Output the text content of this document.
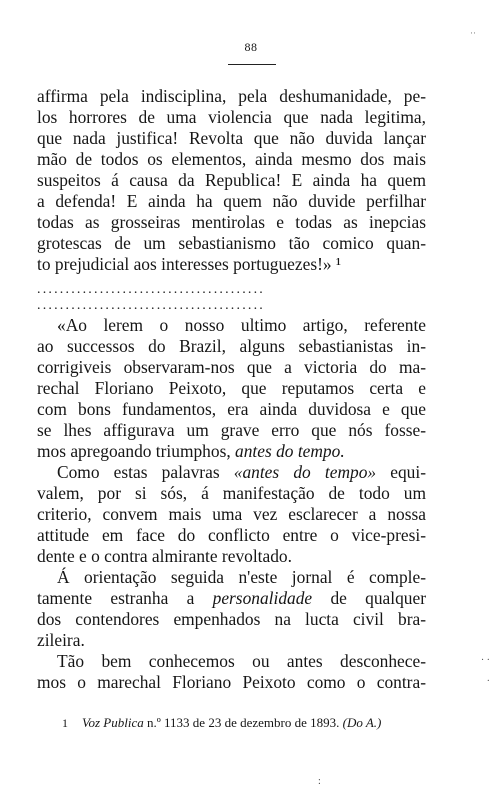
88
··
affirma pela indisciplina, pela deshumanidade, pe-
los horrores de uma violencia que nada legitima,
que nada justifica! Revolta que não duvida lançar
mão de todos os elementos, ainda mesmo dos mais
suspeitos á causa da Republica! E ainda ha quem
a defenda! E ainda ha quem não duvide perfilhar
todas as grosseiras mentirolas e todas as inepcias
grotescas de um sebastianismo tão comico quan-
to prejudicial aos interesses portuguezes!» ¹
........................................
........................................
«Ao lerem o nosso ultimo artigo, referente
ao successos do Brazil, alguns sebastianistas in-
corrigiveis observaram-nos que a victoria do ma-
rechal Floriano Peixoto, que reputamos certa e
com bons fundamentos, era ainda duvidosa e que
se lhes affigurava um grave erro que nós fosse-
mos apregoando triumphos, antes do tempo.
Como estas palavras «antes do tempo» equi-
valem, por si sós, á manifestação de todo um
criterio, convem mais uma vez esclarecer a nossa
attitude em face do conflicto entre o vice-presi-
dente e o contra almirante revoltado.
Á orientação seguida n'este jornal é comple-
tamente estranha a personalidade de qualquer
dos contendores empenhados na lucta civil bra-
zileira.
Tão bem conhecemos ou antes desconhece-
mos o marechal Floriano Peixoto como o contra-
· ·
·
1 Voz Publica n.º 1133 de 23 de dezembro de 1893. (Do A.)
:
